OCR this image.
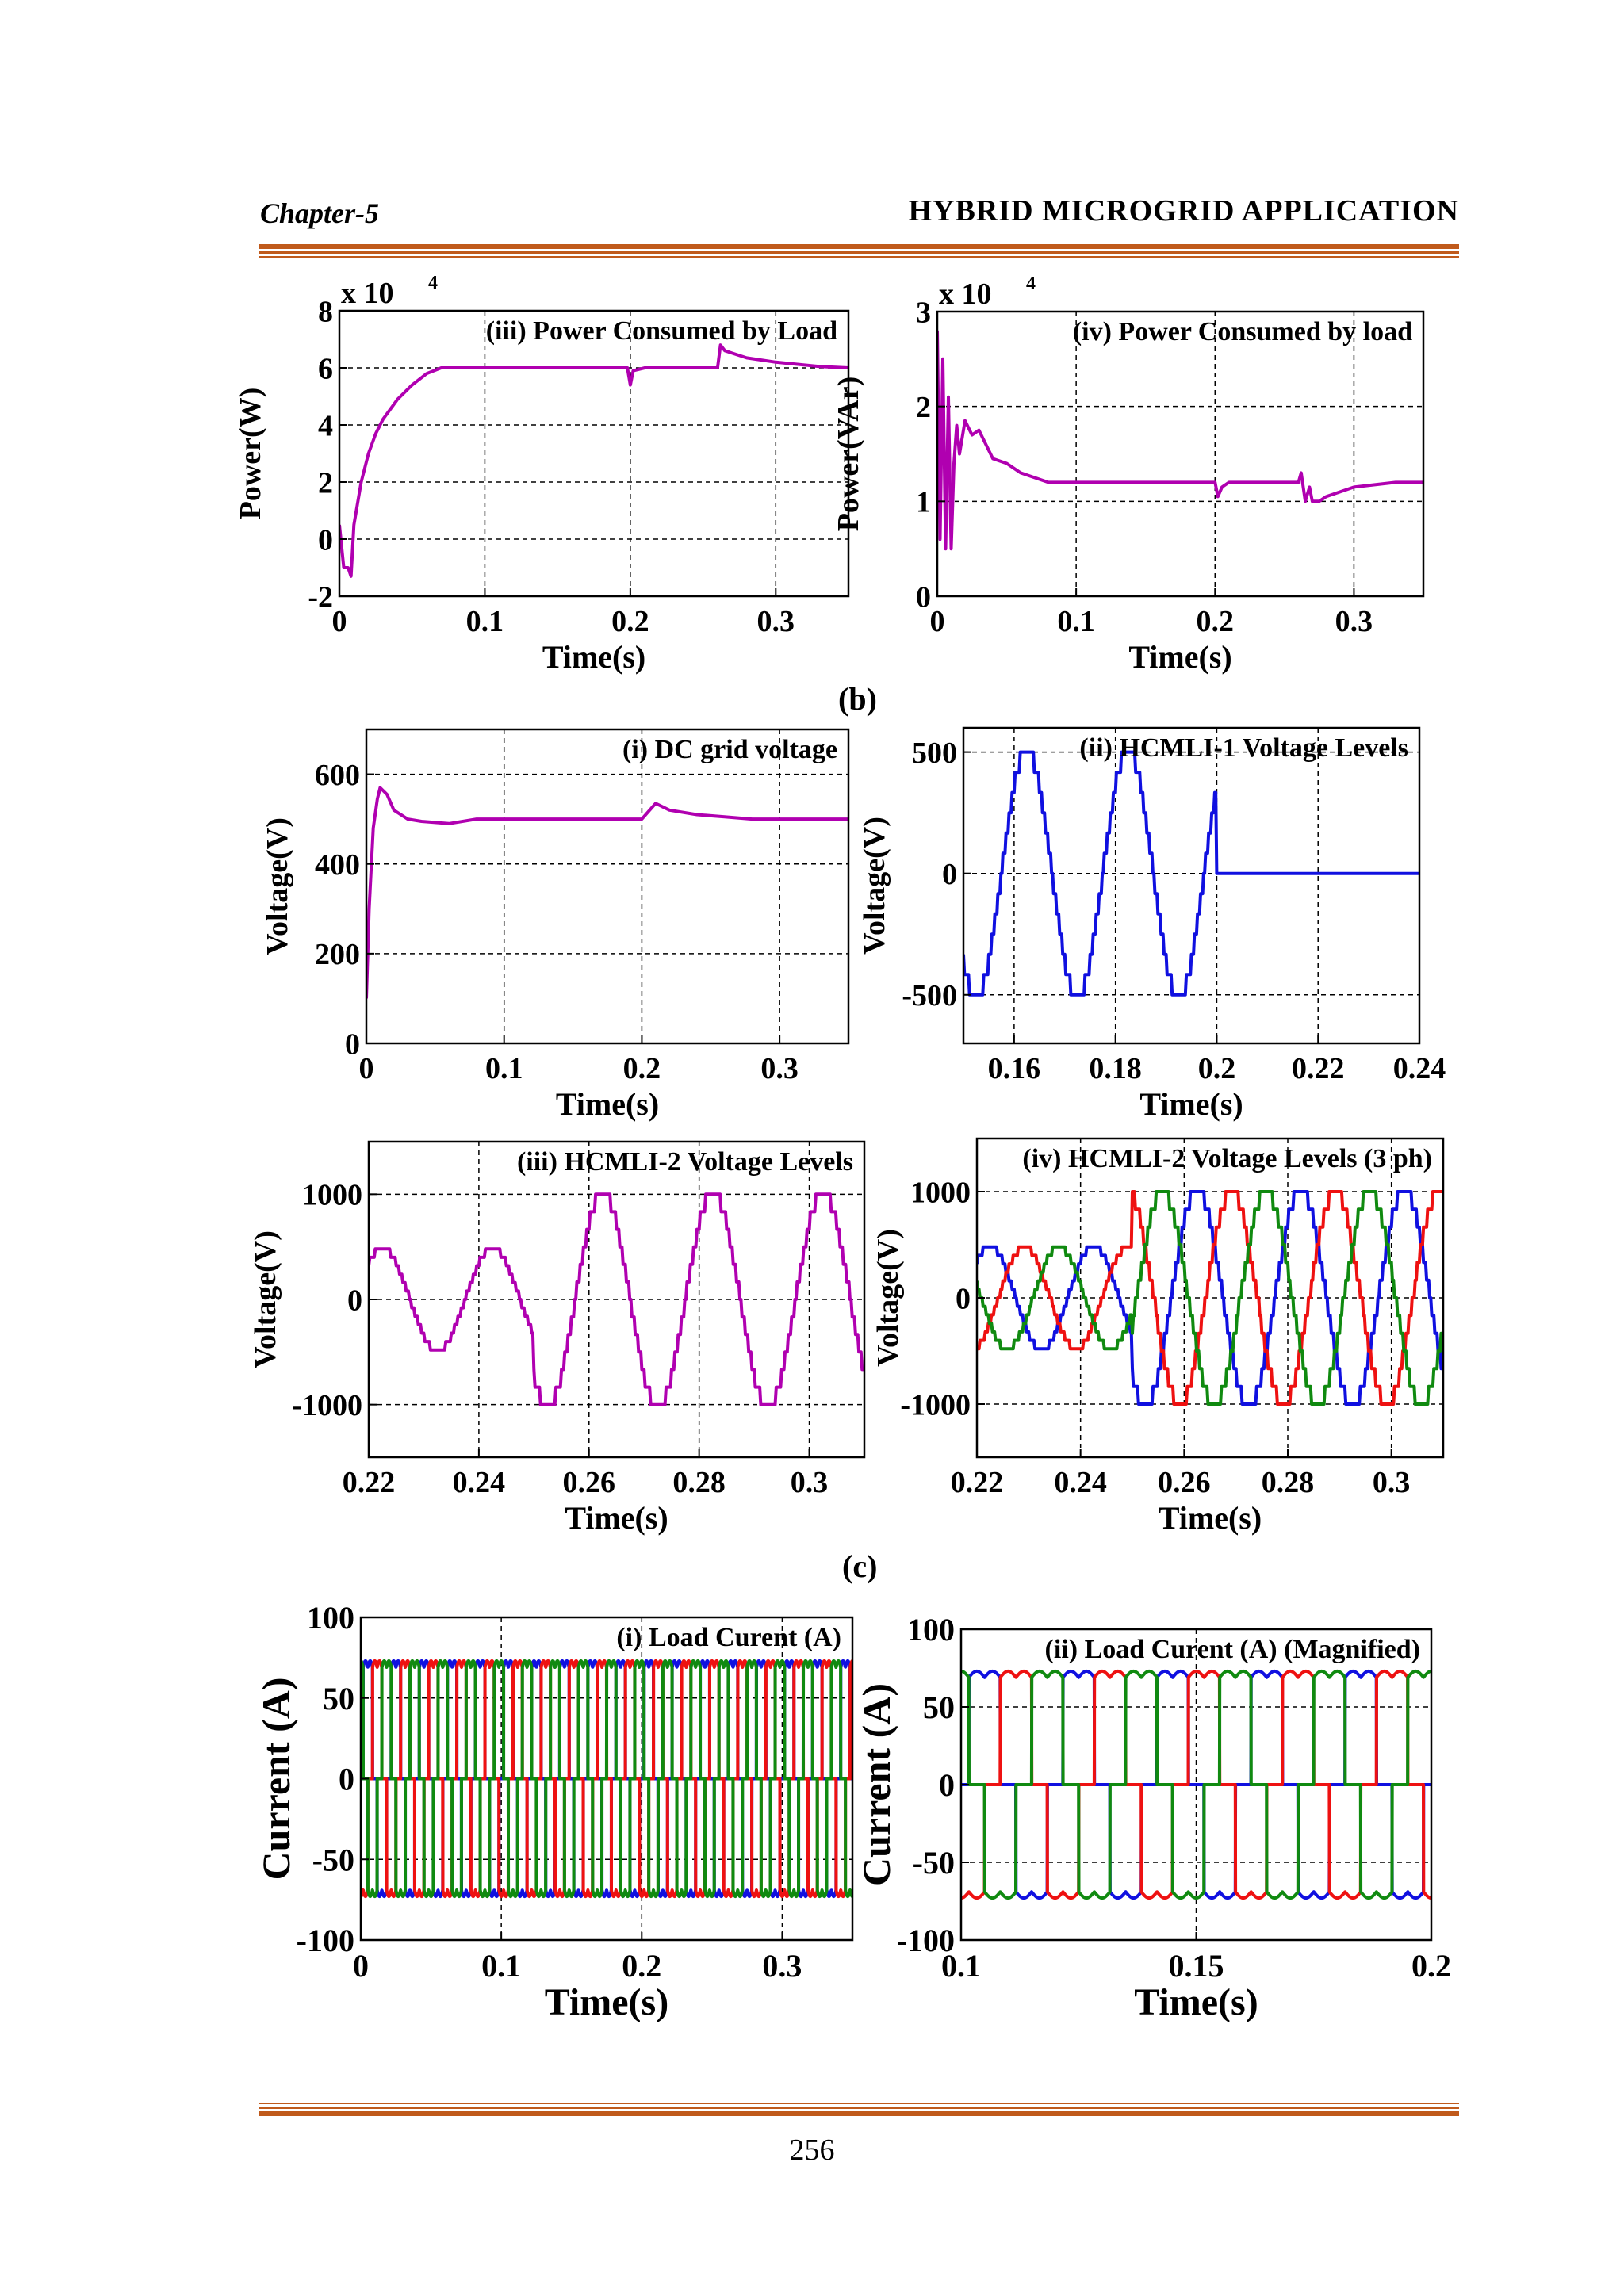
Chapter-5	HYBRID MICROGRID APPLICATION
(b)
(c)
0	0.1	0.2	0.3
-2
0
2
4
6
8
(iii) Power Consumed by Load
Time(s)
Power(W)
x 10 4
0	0.1	0.2	0.3
0
1
2
3
(iv) Power Consumed by load
Time(s)
Power(VAr)
x 10 4
0	0.1	0.2	0.3
0
200
400
600
(i) DC grid voltage
Time(s)
Voltage(V)
0.16 0.18 0.2 0.22 0.24
-500
0
500	(ii) HCMLI-1 Voltage Levels
Time(s)
Voltage(V)
0.22 0.24 0.26 0.28 0.3
-1000
0
1000
(iii) HCMLI-2 Voltage Levels
Time(s)
Voltage(V)
0.22 0.24 0.26 0.28 0.3
-1000
0
1000
(iv) HCMLI-2 Voltage Levels (3 ph)
Time(s)
Voltage(V)
0	0.1	0.2	0.3
-100
-50
0
50
100
(i) Load Curent (A)
Time(s)
Current (A)
0.1	0.15	0.2
-100
-50
0
50
100
(ii) Load Curent (A) (Magnified)
Time(s)
Current (A)
256
